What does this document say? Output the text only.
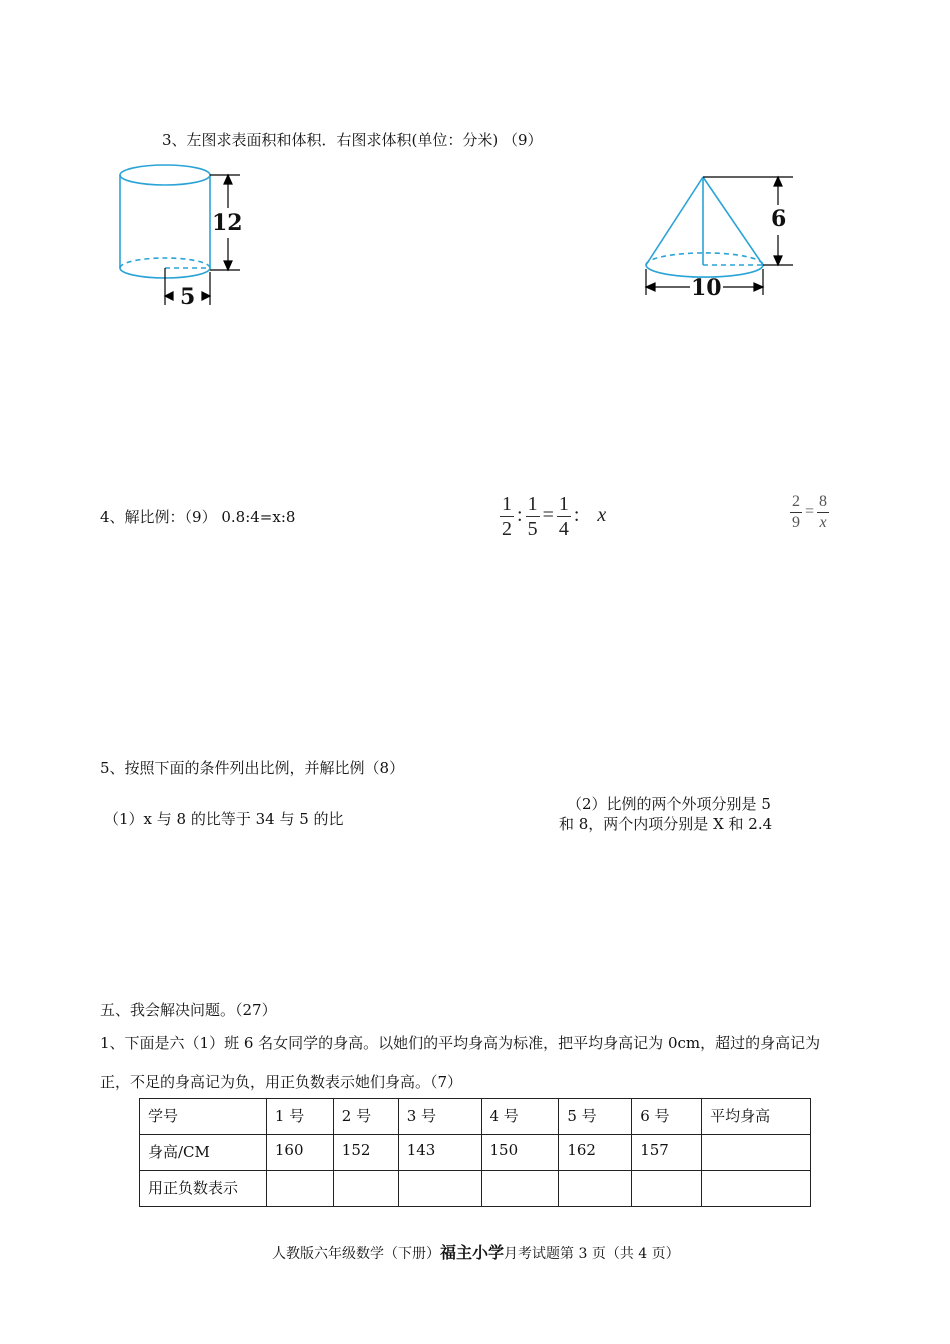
3、左图求表面积和体积．右图求体积(单位：分米) （9）
12
5
6
10
4、解比例：（9） 0.8:4=x:8	$\frac{1}{2}$ : $\frac{1}{5} = \frac{1}{4}$ : x	$\frac{2}{9} = \frac{8}{x}$
5、按照下面的条件列出比例，并解比例（8）
（1）x 与 8 的比等于 34 与 5 的比
（2）比例的两个外项分别是 5
和 8，两个内项分别是 X 和 2.4
五、我会解决问题。（27）
1、下面是六（1）班 6 名女同学的身高。以她们的平均身高为标准，把平均身高记为 0cm，超过的身高记为
正，不足的身高记为负，用正负数表示她们身高。（7）
学号	1 号	2 号	3 号	4 号	5 号	6 号	平均身高
身高/CM	160	152	143	150	162	157	
用正负数表示							
人教版六年级数学（下册）福主小学月考试题第 3 页（共 4 页）
